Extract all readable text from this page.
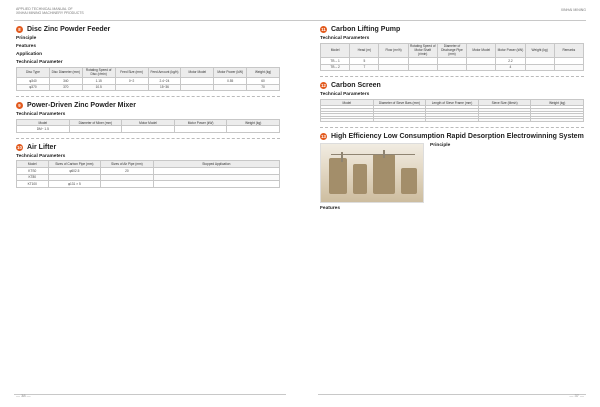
APPLIED TECHNICAL MANUAL OF
XINHAI MINING MACHINERY PRODUCTS
XINHAI MINING
8 Disc Zinc Powder Feeder
Principle
Features
Application
Technical Parameter
Disc Type	Disc Diameter (mm)	Rotating Speed of Disc (r/min)	Feed Size (mm)	Feed Amount (kg/h)	Motor Model	Motor Power (kW)	Weight (kg)
φ340	340	1.15	0~2	2.4~24		0.55	60
φ370	370	10.5		15~36			70
9 Power-Driven Zinc Powder Mixer
Technical Parameters
Model	Diameter of Mixer (mm)	Motor Model	Motor Power (kW)	Weight (kg)
DM~ 1.5				
10 Air Lifter
Technical Parameters
Model	Sizes of Carbon Pipe (mm)	Sizes of Air Pipe (mm)	Stopped Application
KTS0	φ602.5	20	
KT80			
KT100	φ131 × 5		
11 Carbon Lifting Pump
Technical Parameters
Model	Head (m)	Flow (m³/h)	Rotating Speed of Motor Shaft (r/min)	Diameter of Discharge Pipe (mm)	Motor Model	Motor Power (kW)	Weight (kg)	Remarks
TB – 1	5					2.2		
TB – 2	7					4		
12 Carbon Screen
Technical Parameters
Model	Diameter of Sieve Bars (mm)	Length of Sieve Frame (mm)	Sieve Size (Mesh)	Weight (kg)

13 High Efficiency Low Consumption Rapid Desorption Electrowinning System
Principle
Features
— 38 —	— 37 —
